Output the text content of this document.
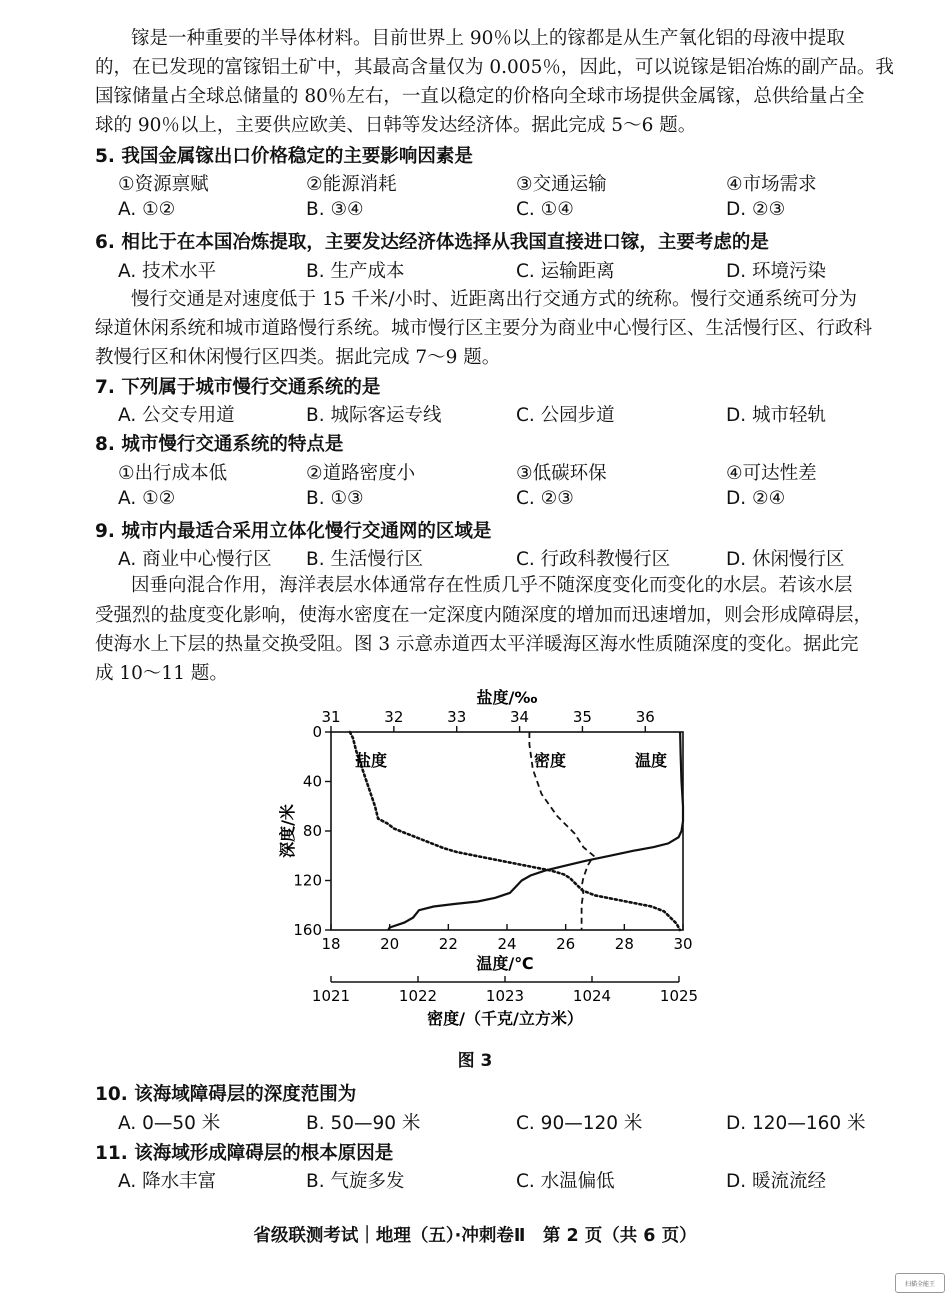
镓是一种重要的半导体材料。目前世界上 90％以上的镓都是从生产氧化铝的母液中提取
的，在已发现的富镓铝土矿中，其最高含量仅为 0.005％，因此，可以说镓是铝冶炼的副产品。我
国镓储量占全球总储量的 80％左右，一直以稳定的价格向全球市场提供金属镓，总供给量占全
球的 90％以上，主要供应欧美、日韩等发达经济体。据此完成 5～6 题。
5. 我国金属镓出口价格稳定的主要影响因素是
①资源禀赋	②能源消耗	③交通运输	④市场需求
A. ①②	B. ③④	C. ①④	D. ②③
6. 相比于在本国冶炼提取，主要发达经济体选择从我国直接进口镓，主要考虑的是
A. 技术水平	B. 生产成本	C. 运输距离	D. 环境污染
慢行交通是对速度低于 15 千米/小时、近距离出行交通方式的统称。慢行交通系统可分为
绿道休闲系统和城市道路慢行系统。城市慢行区主要分为商业中心慢行区、生活慢行区、行政科
教慢行区和休闲慢行区四类。据此完成 7～9 题。
7. 下列属于城市慢行交通系统的是
A. 公交专用道	B. 城际客运专线	C. 公园步道	D. 城市轻轨
8. 城市慢行交通系统的特点是
①出行成本低	②道路密度小	③低碳环保	④可达性差
A. ①②	B. ①③	C. ②③	D. ②④
9. 城市内最适合采用立体化慢行交通网的区域是
A. 商业中心慢行区 B. 生活慢行区	C. 行政科教慢行区	D. 休闲慢行区
因垂向混合作用，海洋表层水体通常存在性质几乎不随深度变化而变化的水层。若该水层
受强烈的盐度变化影响，使海水密度在一定深度内随深度的增加而迅速增加，则会形成障碍层，
使海水上下层的热量交换受阻。图 3 示意赤道西太平洋暖海区海水性质随深度的变化。据此完
成 10～11 题。
31	32	33	34	35	36
盐度/‰
0
40
80
120
160
深度/米
18	20	22	24	26	28	30
温度/℃
1021	1022	1023	1024	1025
密度/（千克/立方米）
盐度	密度	温度
图 3
10. 该海域障碍层的深度范围为
A. 0—50 米	B. 50—90 米	C. 90—120 米	D. 120—160 米
11. 该海域形成障碍层的根本原因是
A. 降水丰富	B. 气旋多发	C. 水温偏低	D. 暖流流经
省级联测考试｜地理（五）·冲刺卷Ⅱ　第 2 页（共 6 页）
扫描全能王
